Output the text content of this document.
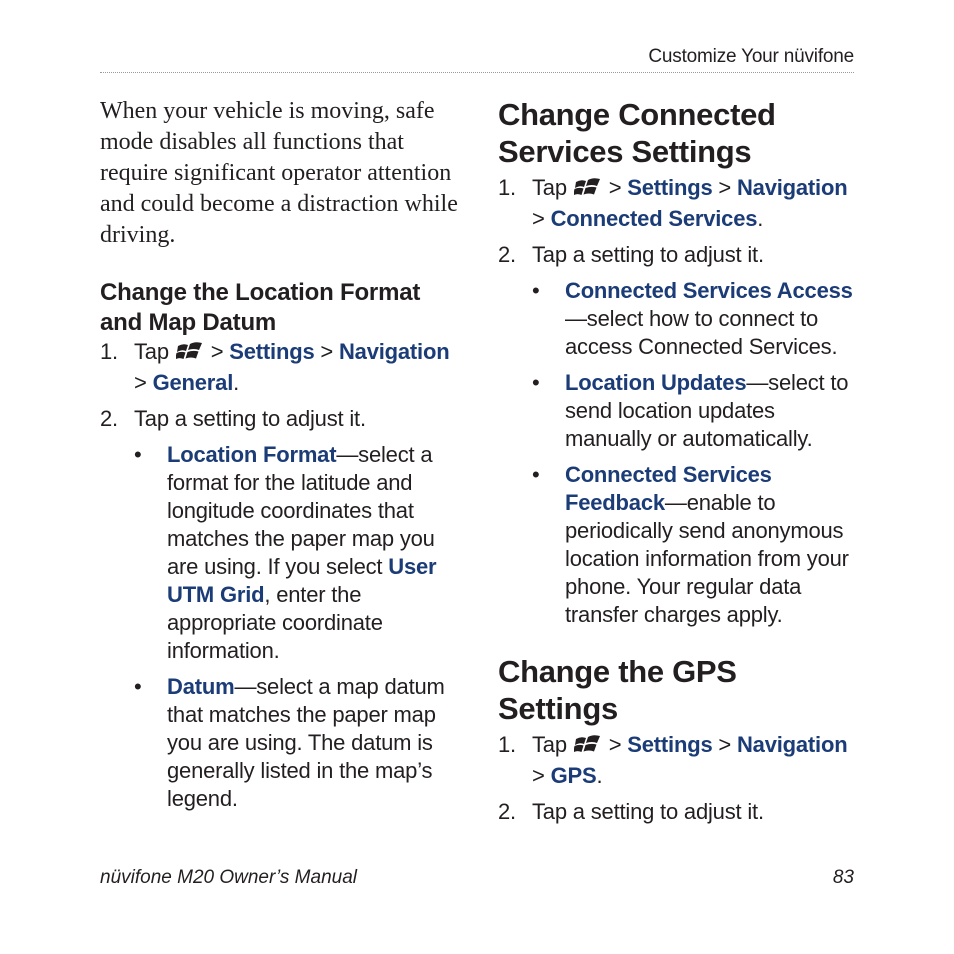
Customize Your nüvifone
When your vehicle is moving, safe mode disables all functions that require significant operator attention and could become a distraction while driving.
Change the Location Format and Map Datum
1. Tap > Settings > Navigation
> General.
2. Tap a setting to adjust it.
• Location Format—select a format for the latitude and longitude coordinates that matches the paper map you are using. If you select User UTM Grid, enter the appropriate coordinate information.
• Datum—select a map datum that matches the paper map you are using. The datum is generally listed in the map’s legend.
Change Connected Services Settings
1. Tap > Settings > Navigation
> Connected Services.
2. Tap a setting to adjust it.
• Connected Services Access—select how to connect to access Connected Services.
• Location Updates—select to send location updates manually or automatically.
• Connected Services Feedback—enable to periodically send anonymous location information from your phone. Your regular data transfer charges apply.
Change the GPS Settings
1. Tap > Settings > Navigation
> GPS.
2. Tap a setting to adjust it.
nüvifone M20 Owner’s Manual	83
